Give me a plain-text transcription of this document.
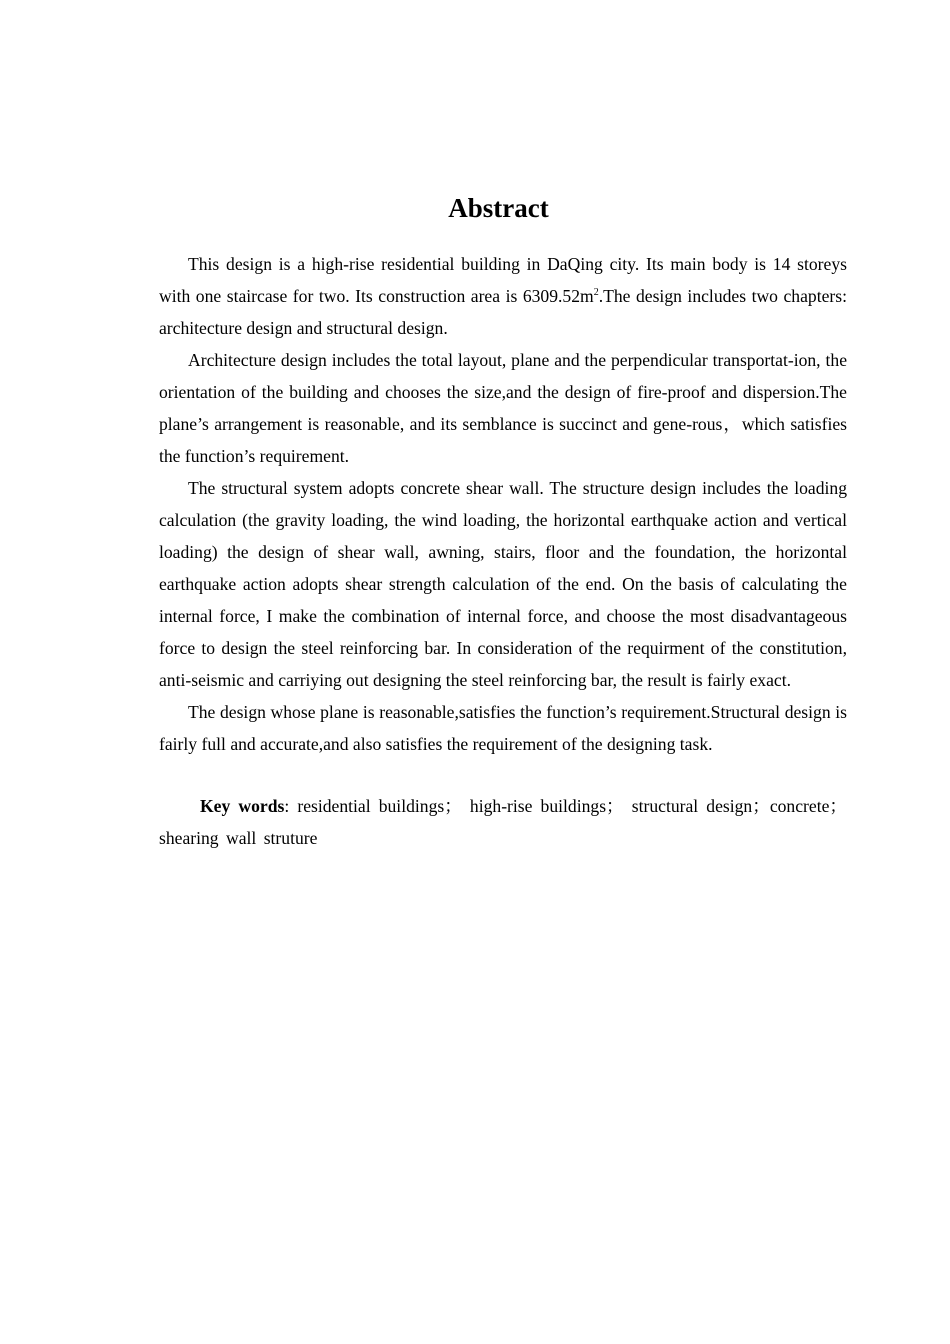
Abstract

This design is a high-rise residential building in DaQing city. Its main body is 14 storeys with one staircase for two. Its construction area is $6309.52m^2.The$ design includes two chapters: architecture design and structural design.

Architecture design includes the total layout, plane and the perpendicular transportat-ion, the orientation of the building and chooses the size,and the design of fire-proof and dispersion.The plane’s arrangement is reasonable, and its semblance is succinct and gene-rous，which satisfies the function’s requirement.

The structural system adopts concrete shear wall. The structure design includes the loading calculation (the gravity loading, the wind loading, the horizontal earthquake action and vertical loading) the design of shear wall, awning, stairs, floor and the foundation, the horizontal earthquake action adopts shear strength calculation of the end. On the basis of calculating the internal force, I make the combination of internal force, and choose the most disadvantageous force to design the steel reinforcing bar. In consideration of the requirment of the constitution, anti-seismic and carriying out designing the steel reinforcing bar, the result is fairly exact.

The design whose plane is reasonable,satisfies the function’s requirement.Structural design is fairly full and accurate,and also satisfies the requirement of the designing task.

Key words: residential buildings； high-rise buildings； structural design；concrete；shearing wall struture
